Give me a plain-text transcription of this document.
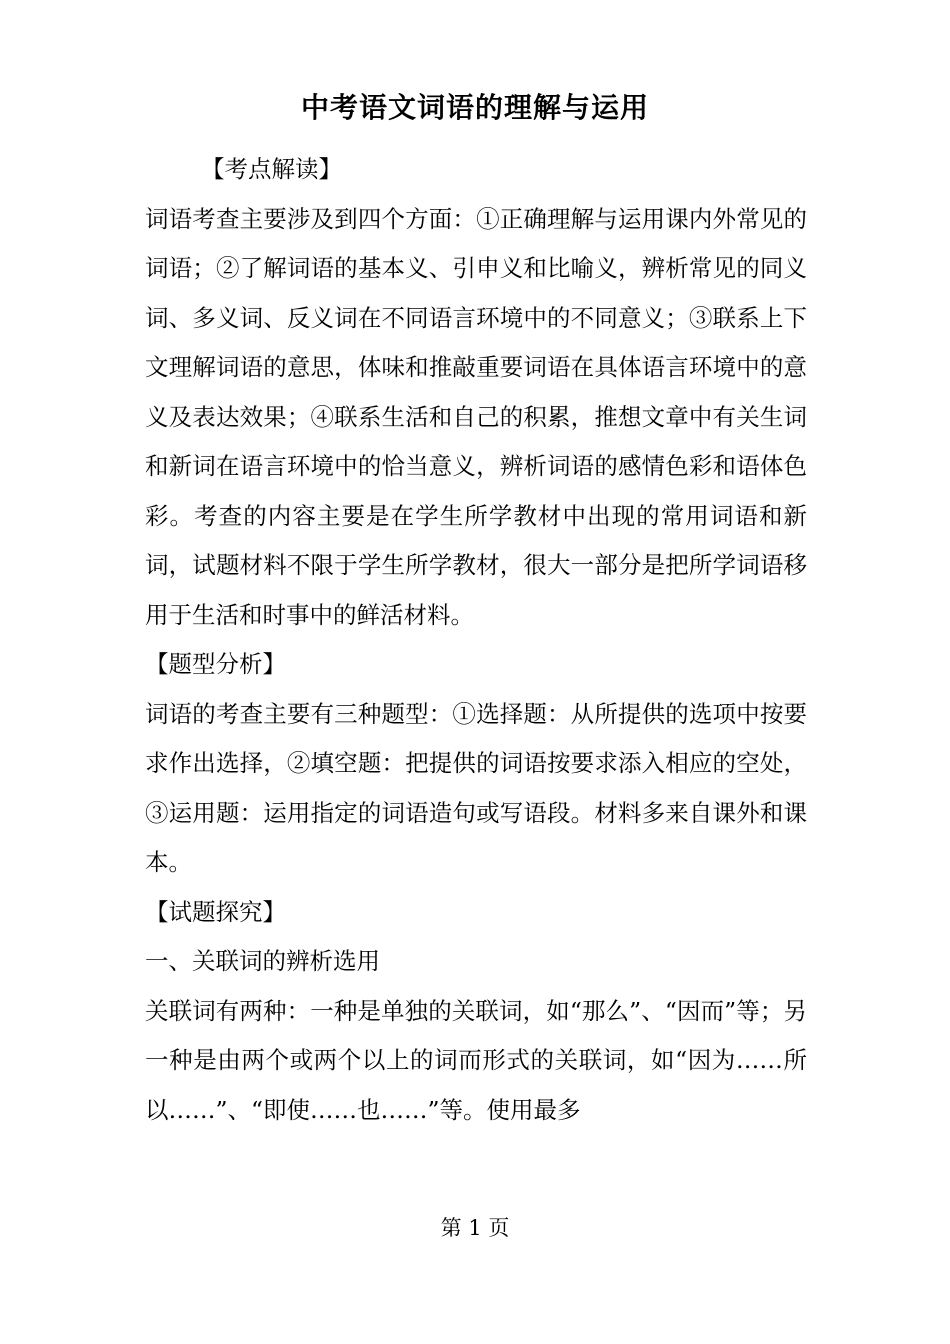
中考语文词语的理解与运用

【考点解读】

词语考查主要涉及到四个方面：①正确理解与运用课内外常见的词语；②了解词语的基本义、引申义和比喻义，辨析常见的同义词、多义词、反义词在不同语言环境中的不同意义；③联系上下文理解词语的意思，体味和推敲重要词语在具体语言环境中的意义及表达效果；④联系生活和自己的积累，推想文章中有关生词和新词在语言环境中的恰当意义，辨析词语的感情色彩和语体色彩。考查的内容主要是在学生所学教材中出现的常用词语和新词，试题材料不限于学生所学教材，很大一部分是把所学词语移用于生活和时事中的鲜活材料。

【题型分析】

词语的考查主要有三种题型：①选择题：从所提供的选项中按要求作出选择，②填空题：把提供的词语按要求添入相应的空处，③运用题：运用指定的词语造句或写语段。材料多来自课外和课本。

【试题探究】

一、关联词的辨析选用

关联词有两种：一种是单独的关联词，如“那么”、“因而”等；另一种是由两个或两个以上的词而形式的关联词，如“因为……所以……”、“即使……也……”等。使用最多

第 1 页
